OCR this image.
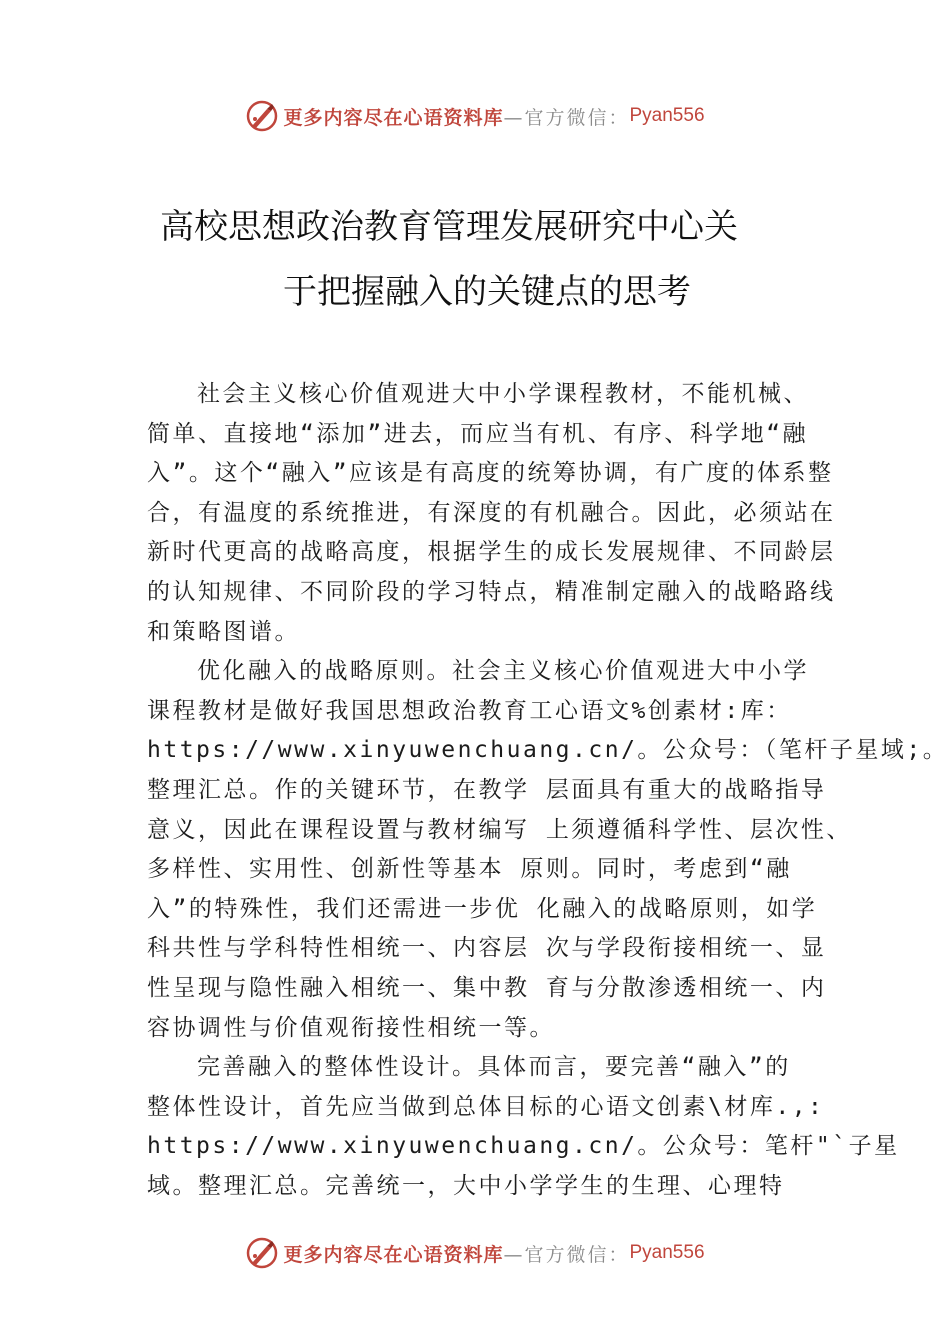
更多内容尽在心语资料库 —官方微信： Pyan556
高校思想政治教育管理发展研究中心关
于把握融入的关键点的思考
社会主义核心价值观进大中小学课程教材，不能机械、
简单、直接地“添加”进去，而应当有机、有序、科学地“融
入”。这个“融入”应该是有高度的统筹协调，有广度的体系整
合，有温度的系统推进，有深度的有机融合。因此，必须站在
新时代更高的战略高度，根据学生的成长发展规律、不同龄层
的认知规律、不同阶段的学习特点，精准制定融入的战略路线
和策略图谱。
优化融入的战略原则。社会主义核心价值观进大中小学
课程教材是做好我国思想政治教育工心语文%创素材:库：
https://www.xinyuwenchuang.cn/。公众号：（笔杆子星域;。
整理汇总。作的关键环节，在教学 层面具有重大的战略指导
意义，因此在课程设置与教材编写 上须遵循科学性、层次性、
多样性、实用性、创新性等基本 原则。同时，考虑到“融
入”的特殊性，我们还需进一步优 化融入的战略原则，如学
科共性与学科特性相统一、内容层 次与学段衔接相统一、显
性呈现与隐性融入相统一、集中教 育与分散渗透相统一、内
容协调性与价值观衔接性相统一等。
完善融入的整体性设计。具体而言，要完善“融入”的
整体性设计，首先应当做到总体目标的心语文创素\材库.,:
https://www.xinyuwenchuang.cn/。公众号：笔杆"`子星
域。整理汇总。完善统一，大中小学学生的生理、心理特
更多内容尽在心语资料库 —官方微信： Pyan556
